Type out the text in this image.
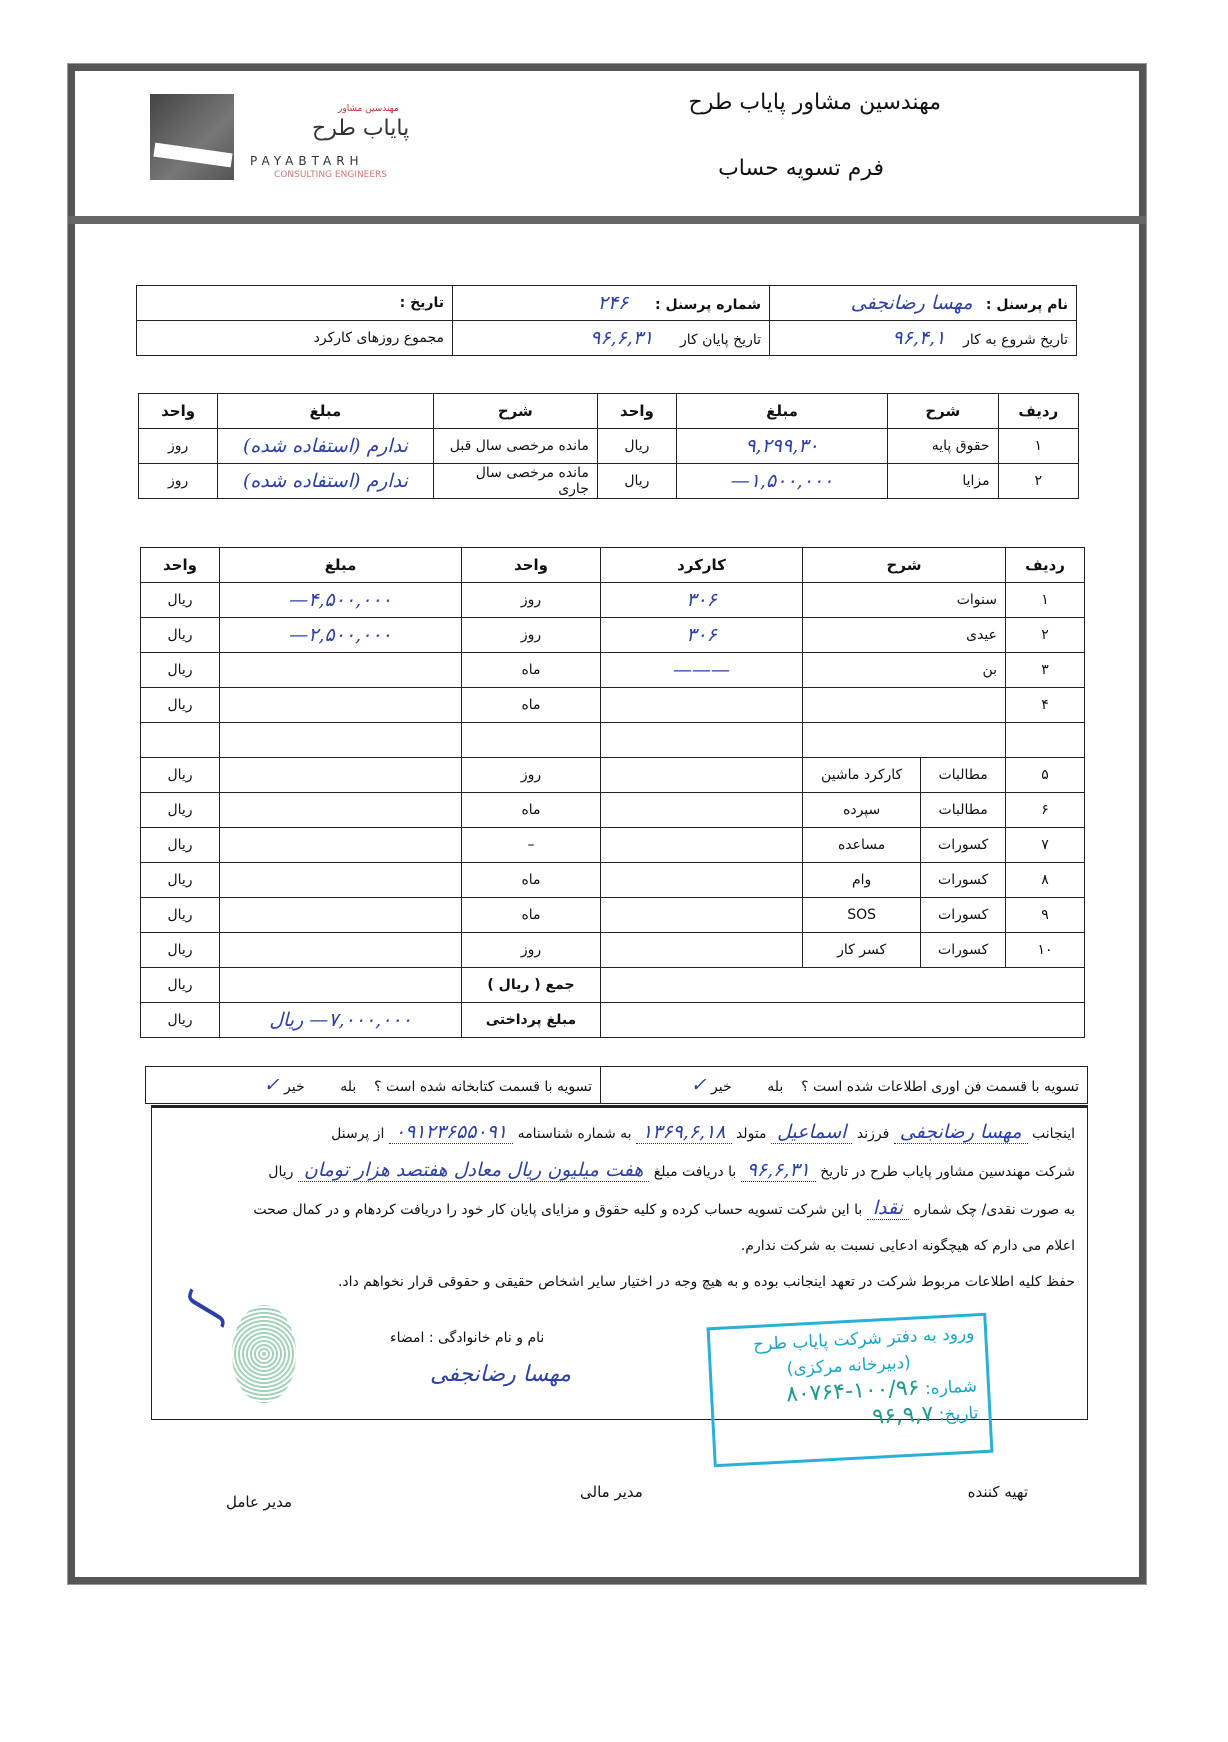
مهندسین مشاور
پایاب طرح
PAYABTARH
CONSULTING ENGINEERS
مهندسین مشاور پایاب طرح
فرم تسویه حساب
نام پرسنل :   مهسا رضانجفی	شماره پرسنل :      ۲۴۶	تاریخ :
تاریخ شروع به کار    ۹۶,۴,۱	تاریخ پایان کار      ۹۶,۶,۳۱	مجموع روزهای کارکرد
ردیف	شرح	مبلغ	واحد	شرح	مبلغ	واحد
۱	حقوق پایه	۹,۲۹۹,۳۰	ریال	مانده مرخصی سال قبل	ندارم (استفاده شده)	روز
۲	مزایا	۱,۵۰۰,۰۰۰—	ریال	مانده مرخصی سال جاری	ندارم (استفاده شده)	روز
ردیف	شرح		کارکرد	واحد	مبلغ	واحد
۱	سنوات		۳۰۶	روز	۴,۵۰۰,۰۰۰—	ریال
۲	عیدی		۳۰۶	روز	۲,۵۰۰,۰۰۰—	ریال
۳	بن		———	ماه		ریال
۴				ماه		ریال

۵	مطالبات	کارکرد ماشین		روز		ریال
۶	مطالبات	سپرده		ماه		ریال
۷	کسورات	مساعده		–		ریال
۸	کسورات	وام		ماه		ریال
۹	کسورات	SOS		ماه		ریال
۱۰	کسورات	کسر کار		روز		ریال
				جمع ( ریال )		ریال
				مبلغ پرداختی	۷,۰۰۰,۰۰۰— ریال	ریال
تسویه با قسمت فن اوری اطلاعات شده است ؟    بله        خیر ✓	تسویه با قسمت کتابخانه شده است ؟    بله        خیر ✓
اینجانب مهسا رضانجفی فرزند اسماعیل متولد ۱۳۶۹,۶,۱۸ به شماره شناسنامه ۰۹۱۲۳۶۵۵۰۹۱ از پرسنل
شرکت مهندسین مشاور پایاب طرح در تاریخ ۹۶,۶,۳۱ با دریافت مبلغ هفت میلیون ریال معادل هفتصد هزار تومان ریال
به صورت نقدی/ چک شماره نقدا با این شرکت تسویه حساب کرده و کلیه حقوق و مزایای پایان کار خود را دریافت کردهام و در کمال صحت
اعلام می دارم که هیچگونه ادعایی نسبت به شرکت ندارم.
حفظ کلیه اطلاعات مربوط شرکت در تعهد اینجانب بوده و به هیچ وجه در اختیار سایر اشخاص حقیقی و حقوقی قرار نخواهم داد.
نام و نام خانوادگی : امضاء
مهسا رضانجفی
ʃ
ورود به دفتر شرکت پایاب طرح
(دبیرخانه مرکزی)
شماره: ۱۰۰/۹۶-۸۰۷۶۴
تاریخ: ۹۶,۹,۷
تهیه کننده
مدیر مالی
مدیر عامل
